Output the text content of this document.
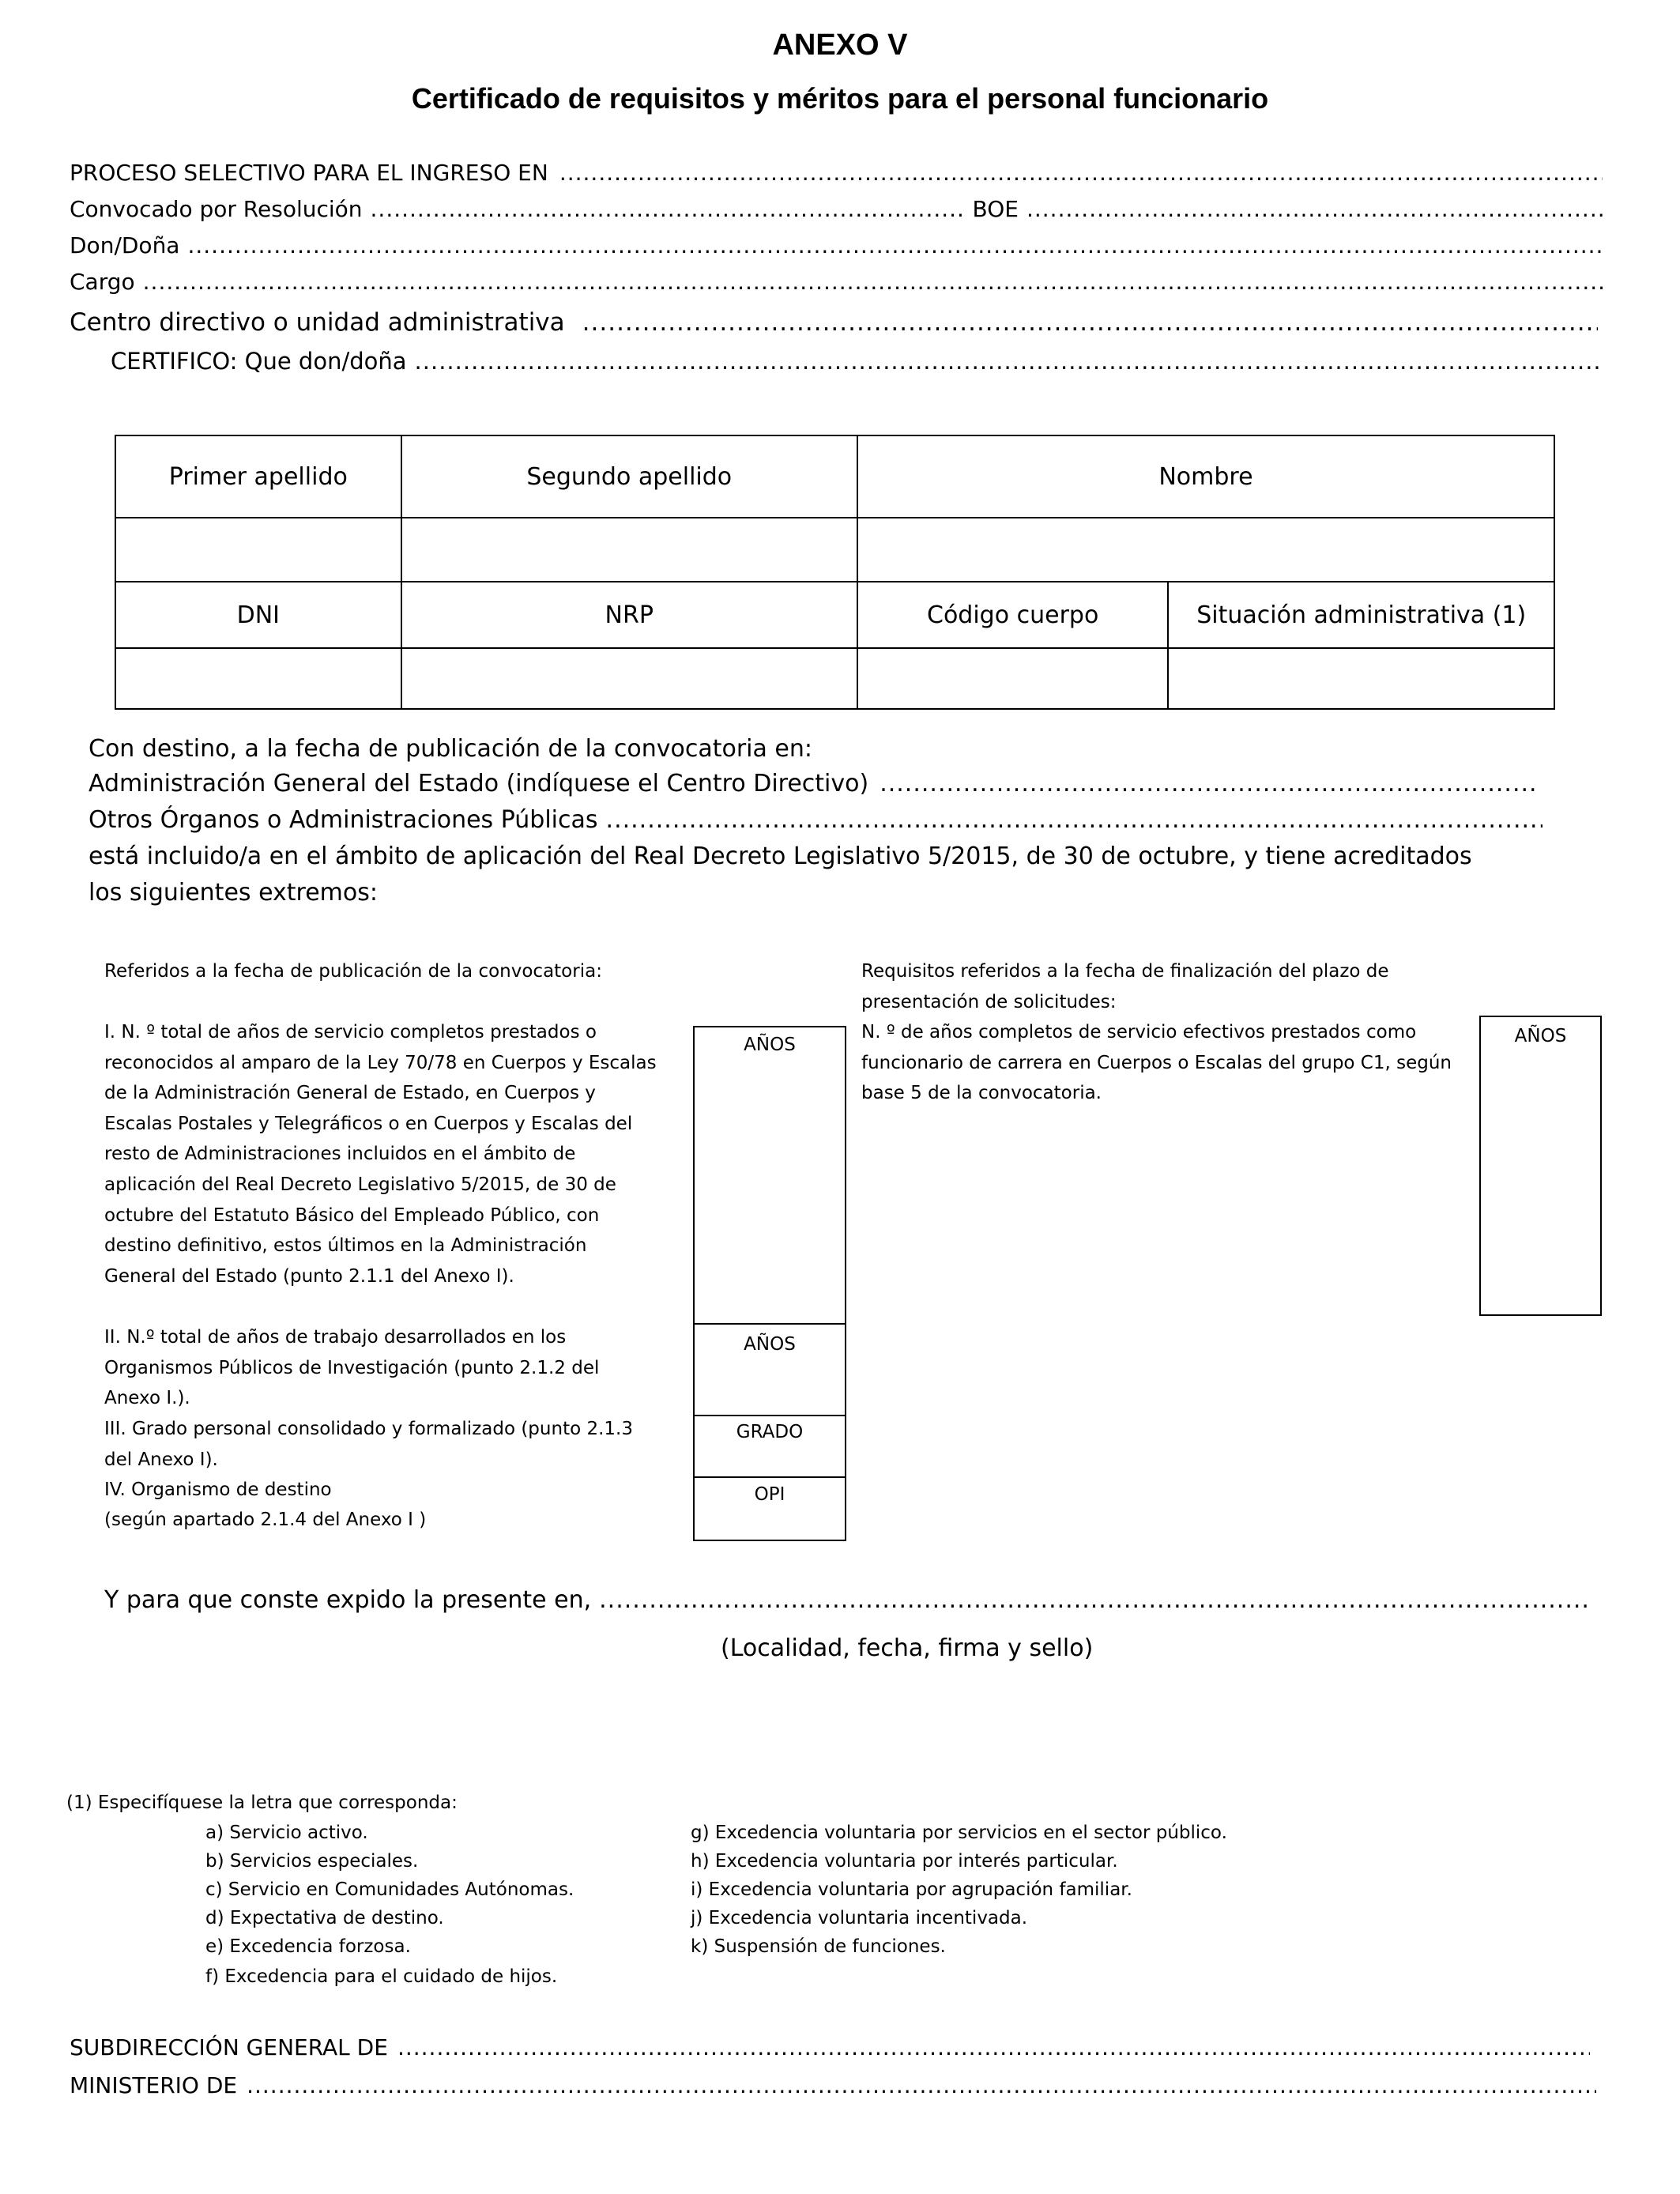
ANEXO V
Certificado de requisitos y méritos para el personal funcionario
PROCESO SELECTIVO PARA EL INGRESO EN
.....
Convocado por Resolución .....	BOE
.....
Don/Doña
.....
Cargo
.....
Centro directivo o unidad administrativa
.....
CERTIFICO: Que don/doña
.....
Primer apellido	Segundo apellido	Nombre	

DNI	NRP	Código cuerpo	Situación administrativa (1)

Con destino, a la fecha de publicación de la convocatoria en:
Administración General del Estado (indíquese el Centro Directivo)
.....
Otros Órganos o Administraciones Públicas
.....
está incluido/a en el ámbito de aplicación del Real Decreto Legislativo 5/2015, de 30 de octubre, y tiene acreditados
los siguientes extremos:
Referidos a la fecha de publicación de la convocatoria:
I. N. º total de años de servicio completos prestados o reconocidos al amparo de la Ley 70/78 en Cuerpos y Escalas de la Administración General de Estado, en Cuerpos y Escalas Postales y Telegráficos o en Cuerpos y Escalas del resto de Administraciones incluidos en el ámbito de aplicación del Real Decreto Legislativo 5/2015, de 30 de octubre del Estatuto Básico del Empleado Público, con destino definitivo, estos últimos en la Administración General del Estado (punto 2.1.1 del Anexo I).
II. N.º total de años de trabajo desarrollados en los Organismos Públicos de Investigación (punto 2.1.2 del Anexo I.).
III. Grado personal consolidado y formalizado (punto 2.1.3 del Anexo I).
IV. Organismo de destino
(según apartado 2.1.4 del Anexo I )
AÑOS
AÑOS
GRADO
OPI
Requisitos referidos a la fecha de finalización del plazo de presentación de solicitudes:
N. º de años completos de servicio efectivos prestados como funcionario de carrera en Cuerpos o Escalas del grupo C1, según base 5 de la convocatoria.
AÑOS
Y para que conste expido la presente en,
.....
(Localidad, fecha, firma y sello)
(1) Especifíquese la letra que corresponda:
a) Servicio activo.
b) Servicios especiales.
c) Servicio en Comunidades Autónomas.
d) Expectativa de destino.
e) Excedencia forzosa.
f) Excedencia para el cuidado de hijos.
g) Excedencia voluntaria por servicios en el sector público.
h) Excedencia voluntaria por interés particular.
i) Excedencia voluntaria por agrupación familiar.
j) Excedencia voluntaria incentivada.
k) Suspensión de funciones.
SUBDIRECCIÓN GENERAL DE
.....
MINISTERIO DE
.....
